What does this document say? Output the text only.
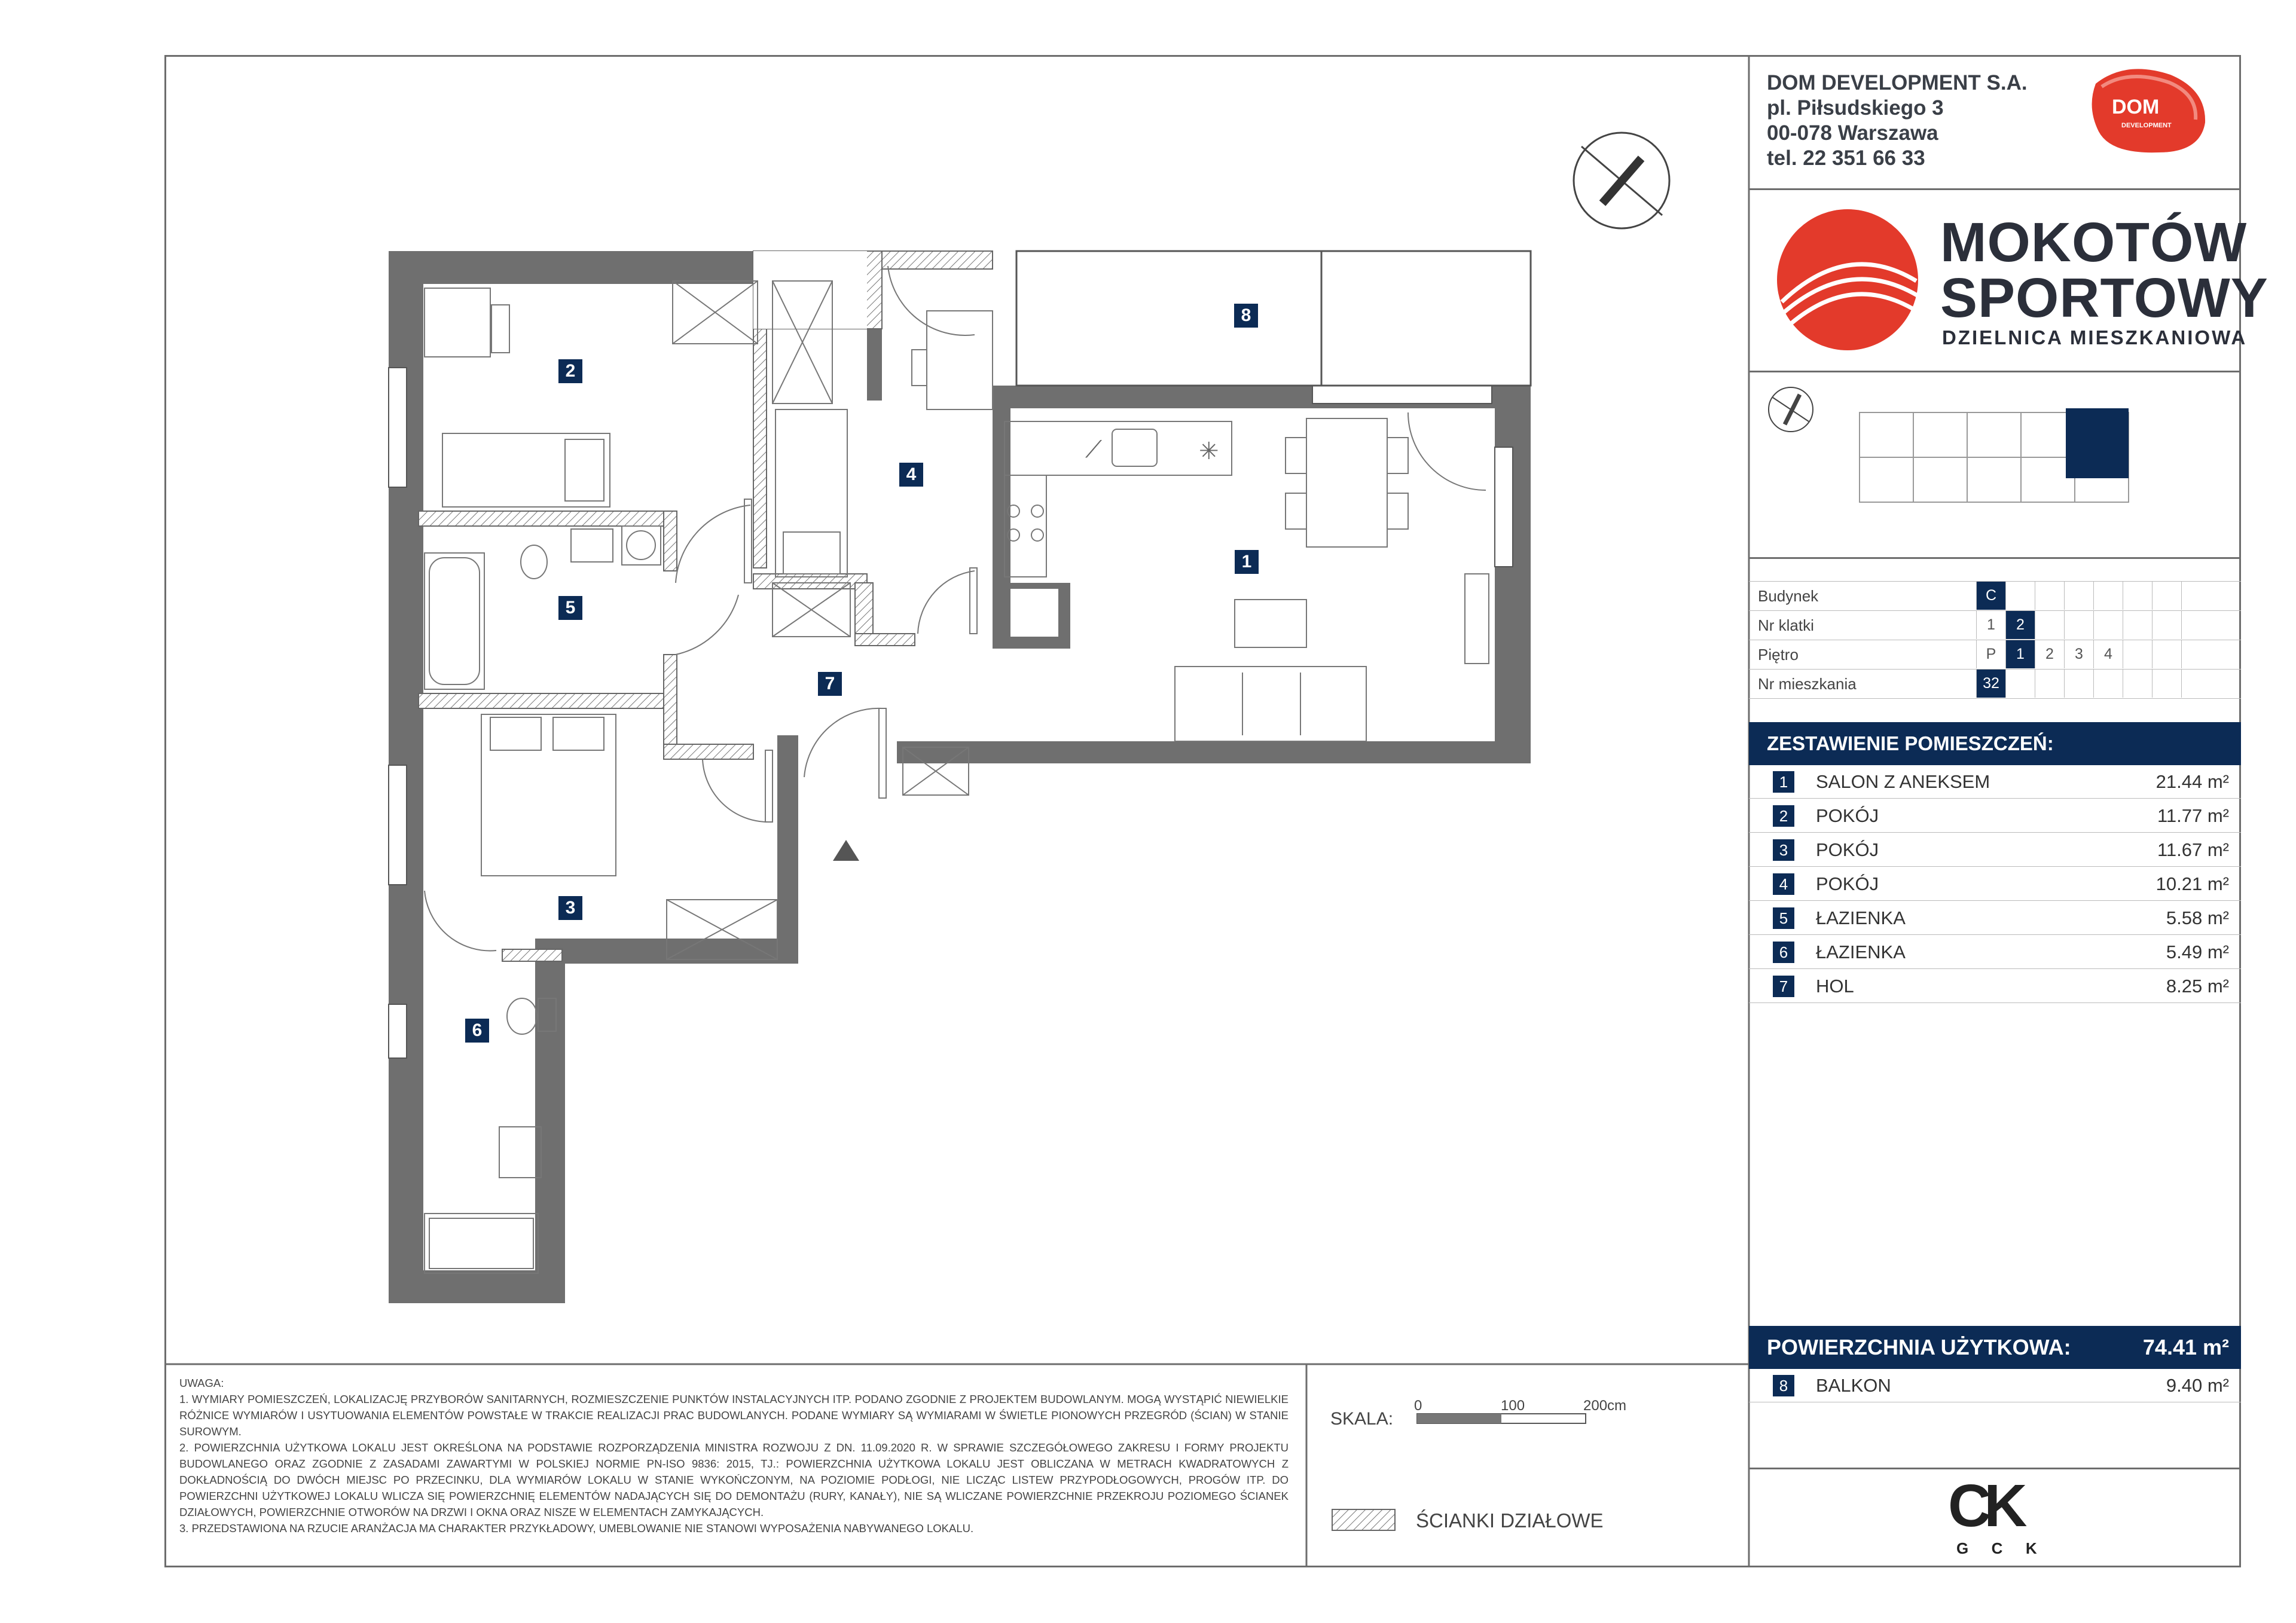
⟋	✳
1
2
3
4
5
6
7
8
DOM DEVELOPMENT S.A.
pl. Piłsudskiego 3
00-078 Warszawa
tel. 22 351 66 33
DOM
DEVELOPMENT
MOKOTÓW
SPORTOWY
DZIELNICA MIESZKANIOWA
Budynek	C
Nr klatki	1	2
Piętro	P	1	2	3	4
Nr mieszkania	32
ZESTAWIENIE POMIESZCZEŃ:
1	SALON Z ANEKSEM	21.44 m²
2	POKÓJ	11.77 m²
3	POKÓJ	11.67 m²
4	POKÓJ	10.21 m²
5	ŁAZIENKA	5.58 m²
6	ŁAZIENKA	5.49 m²
7	HOL	8.25 m²
POWIERZCHNIA UŻYTKOWA:	74.41 m²
8	BALKON	9.40 m²

UWAGA:

1. WYMIARY POMIESZCZEŃ, LOKALIZACJĘ PRZYBORÓW SANITARNYCH, ROZMIESZCZENIE PUNKTÓW INSTALACYJNYCH ITP. PODANO ZGODNIE Z PROJEKTEM BUDOWLANYM. MOGĄ WYSTĄPIĆ NIEWIELKIE RÓŻNICE WYMIARÓW I USYTUOWANIA ELEMENTÓW POWSTAŁE W TRAKCIE REALIZACJI PRAC BUDOWLANYCH. PODANE WYMIARY SĄ WYMIARAMI W ŚWIETLE PIONOWYCH PRZEGRÓD (ŚCIAN) W STANIE SUROWYM.

2. POWIERZCHNIA UŻYTKOWA LOKALU JEST OKREŚLONA NA PODSTAWIE ROZPORZĄDZENIA MINISTRA ROZWOJU Z DN. 11.09.2020 R. W SPRAWIE SZCZEGÓŁOWEGO ZAKRESU I FORMY PROJEKTU BUDOWLANEGO ORAZ ZGODNIE Z ZASADAMI ZAWARTYMI W POLSKIEJ NORMIE PN-ISO 9836: 2015, TJ.: POWIERZCHNIA UŻYTKOWA LOKALU JEST OBLICZANA W METRACH KWADRATOWYCH Z DOKŁADNOŚCIĄ DO DWÓCH MIEJSC PO PRZECINKU, DLA WYMIARÓW LOKALU W STANIE WYKOŃCZONYM, NA POZIOMIE PODŁOGI, NIE LICZĄC LISTEW PRZYPODŁOGOWYCH, PROGÓW ITP. DO POWIERZCHNI UŻYTKOWEJ LOKALU WLICZA SIĘ POWIERZCHNIĘ ELEMENTÓW NADAJĄCYCH SIĘ DO DEMONTAŻU (RURY, KANAŁY), NIE SĄ WLICZANE POWIERZCHNIE PRZEKROJU POZIOMEGO ŚCIANEK DZIAŁOWYCH, POWIERZCHNIE OTWORÓW NA DRZWI I OKNA ORAZ NISZE W ELEMENTACH ZAMYKAJĄCYCH.

3. PRZEDSTAWIONA NA RZUCIE ARANŻACJA MA CHARAKTER PRZYKŁADOWY, UMEBLOWANIE NIE STANOWI WYPOSAŻENIA NABYWANEGO LOKALU.

SKALA:
0	100	200cm
ŚCIANKI DZIAŁOWE	CK
G  C  K
